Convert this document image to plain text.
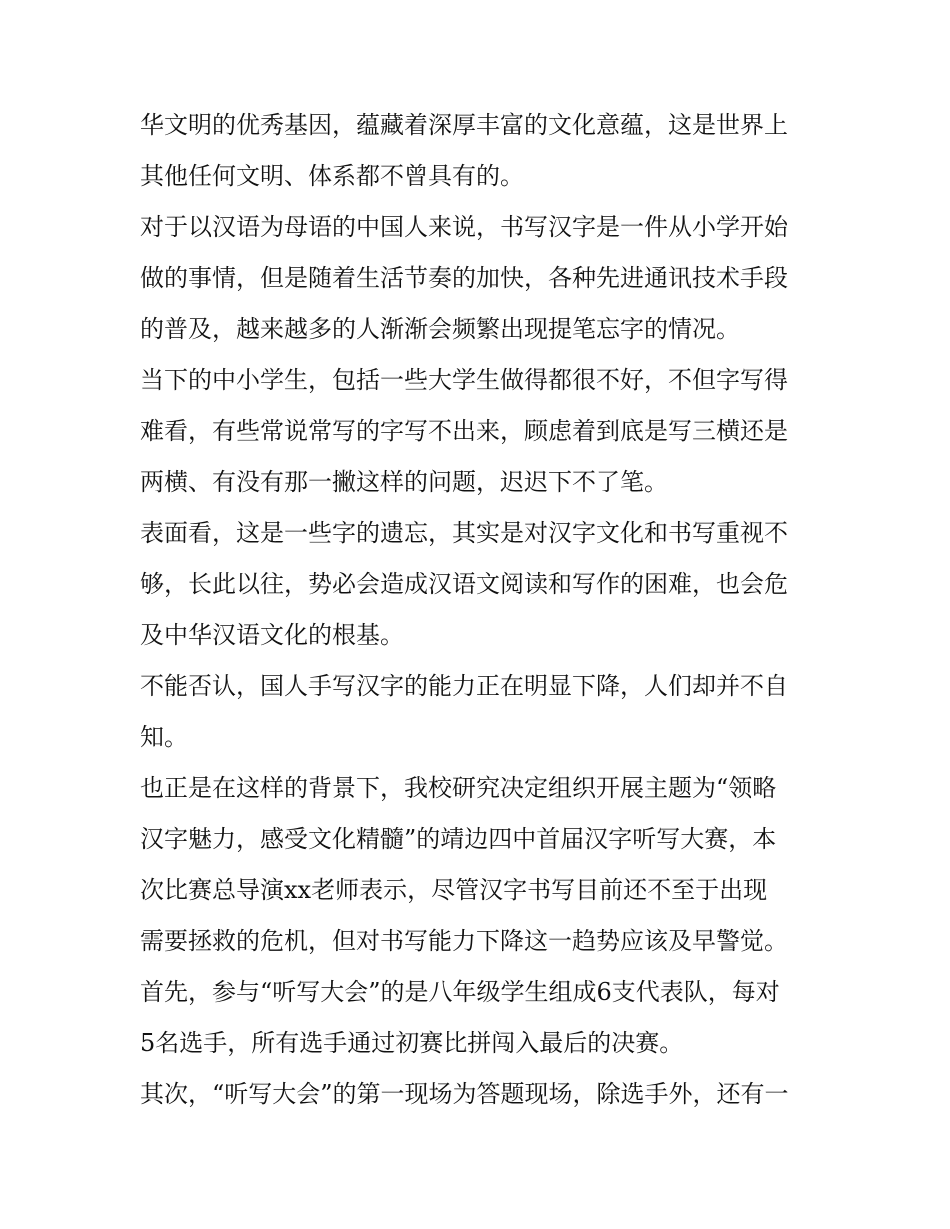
华文明的优秀基因，蕴藏着深厚丰富的文化意蕴，这是世界上
其他任何文明、体系都不曾具有的。
对于以汉语为母语的中国人来说，书写汉字是一件从小学开始
做的事情，但是随着生活节奏的加快，各种先进通讯技术手段
的普及，越来越多的人渐渐会频繁出现提笔忘字的情况。
当下的中小学生，包括一些大学生做得都很不好，不但字写得
难看，有些常说常写的字写不出来，顾虑着到底是写三横还是
两横、有没有那一撇这样的问题，迟迟下不了笔。
表面看，这是一些字的遗忘，其实是对汉字文化和书写重视不
够，长此以往，势必会造成汉语文阅读和写作的困难，也会危
及中华汉语文化的根基。
不能否认，国人手写汉字的能力正在明显下降，人们却并不自
知。
也正是在这样的背景下，我校研究决定组织开展主题为“领略
汉字魅力，感受文化精髓”的靖边四中首届汉字听写大赛，本
次比赛总导演xx老师表示，尽管汉字书写目前还不至于出现
需要拯救的危机，但对书写能力下降这一趋势应该及早警觉。
首先，参与“听写大会”的是八年级学生组成6支代表队，每对
5名选手，所有选手通过初赛比拼闯入最后的决赛。
其次，“听写大会”的第一现场为答题现场，除选手外，还有一
